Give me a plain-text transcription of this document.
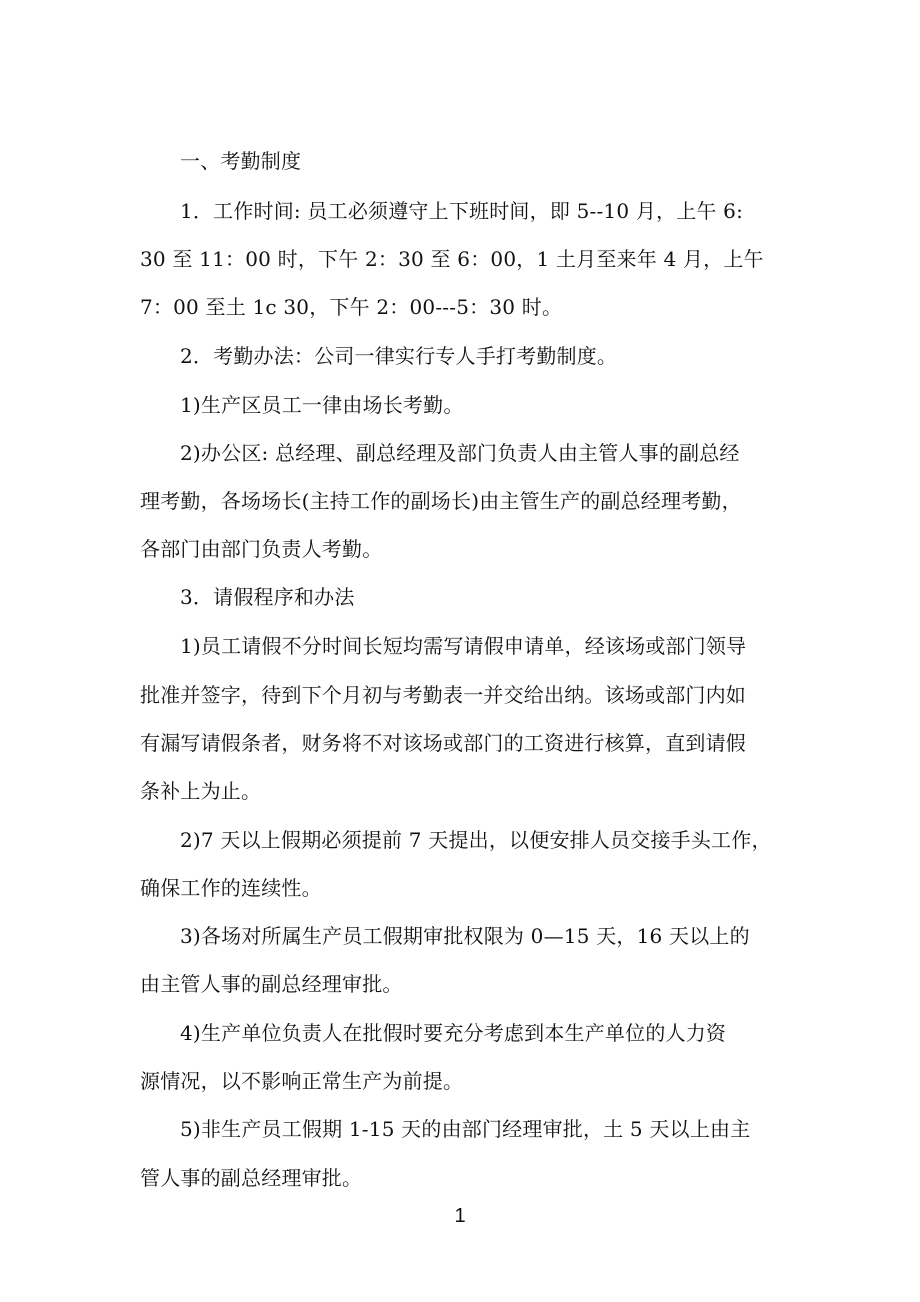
一、考勤制度
1．工作时间: 员工必须遵守上下班时间，即 5--10 月，上午 6:
30 至 11：00 时，下午 2：30 至 6：00，1 土月至来年 4 月，上午
7：00 至土 1c 30，下午 2：00---5：30 时。
2．考勤办法：公司一律实行专人手打考勤制度。
1)生产区员工一律由场长考勤。
2)办公区: 总经理、副总经理及部门负责人由主管人事的副总经
理考勤，各场场长(主持工作的副场长)由主管生产的副总经理考勤，
各部门由部门负责人考勤。
3．请假程序和办法
1)员工请假不分时间长短均需写请假申请单，经该场或部门领导
批准并签字，待到下个月初与考勤表一并交给出纳。该场或部门内如
有漏写请假条者，财务将不对该场或部门的工资进行核算，直到请假
条补上为止。
2)7 天以上假期必须提前 7 天提出，以便安排人员交接手头工作，
确保工作的连续性。
3)各场对所属生产员工假期审批权限为 0—15 天，16 天以上的
由主管人事的副总经理审批。
4)生产单位负责人在批假时要充分考虑到本生产单位的人力资
源情况，以不影响正常生产为前提。
5)非生产员工假期 1-15 天的由部门经理审批，土 5 天以上由主
管人事的副总经理审批。
1
